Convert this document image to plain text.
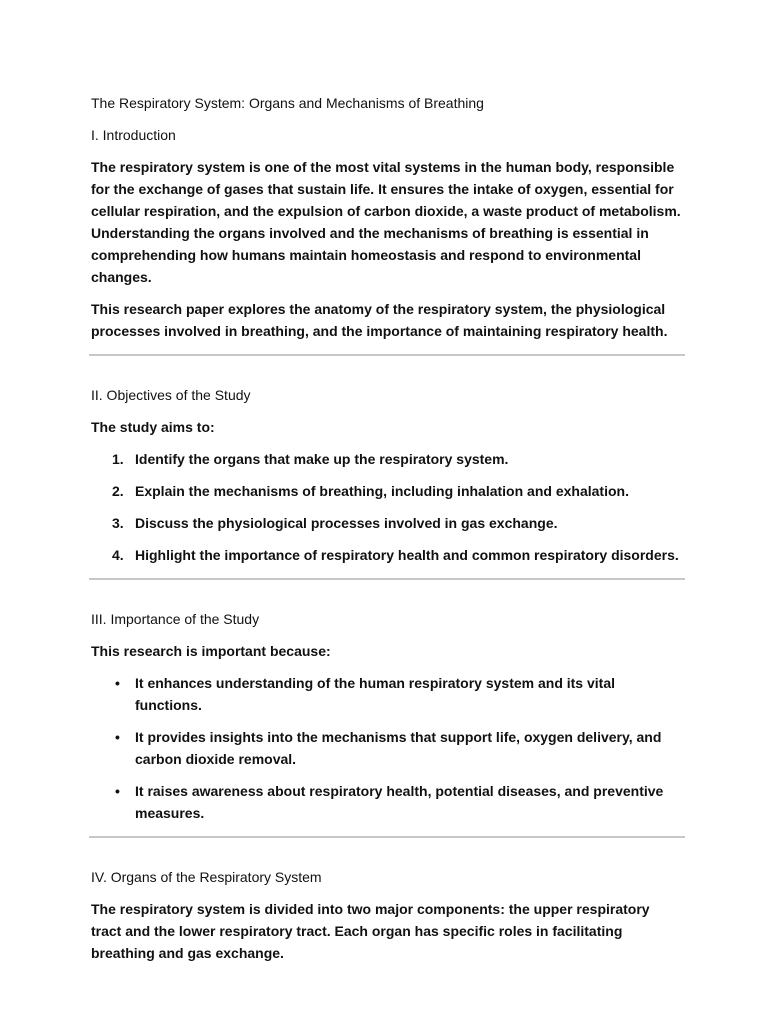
The Respiratory System: Organs and Mechanisms of Breathing
I. Introduction

The respiratory system is one of the most vital systems in the human body, responsible for the exchange of gases that sustain life. It ensures the intake of oxygen, essential for cellular respiration, and the expulsion of carbon dioxide, a waste product of metabolism. Understanding the organs involved and the mechanisms of breathing is essential in comprehending how humans maintain homeostasis and respond to environmental changes.

This research paper explores the anatomy of the respiratory system, the physiological processes involved in breathing, and the importance of maintaining respiratory health.

II. Objectives of the Study

The study aims to:

1. Identify the organs that make up the respiratory system.
2. Explain the mechanisms of breathing, including inhalation and exhalation.
3. Discuss the physiological processes involved in gas exchange.
4. Highlight the importance of respiratory health and common respiratory disorders.
III. Importance of the Study

This research is important because:

• It enhances understanding of the human respiratory system and its vital functions.
• It provides insights into the mechanisms that support life, oxygen delivery, and carbon dioxide removal.
• It raises awareness about respiratory health, potential diseases, and preventive measures.
IV. Organs of the Respiratory System

The respiratory system is divided into two major components: the upper respiratory tract and the lower respiratory tract. Each organ has specific roles in facilitating breathing and gas exchange.
